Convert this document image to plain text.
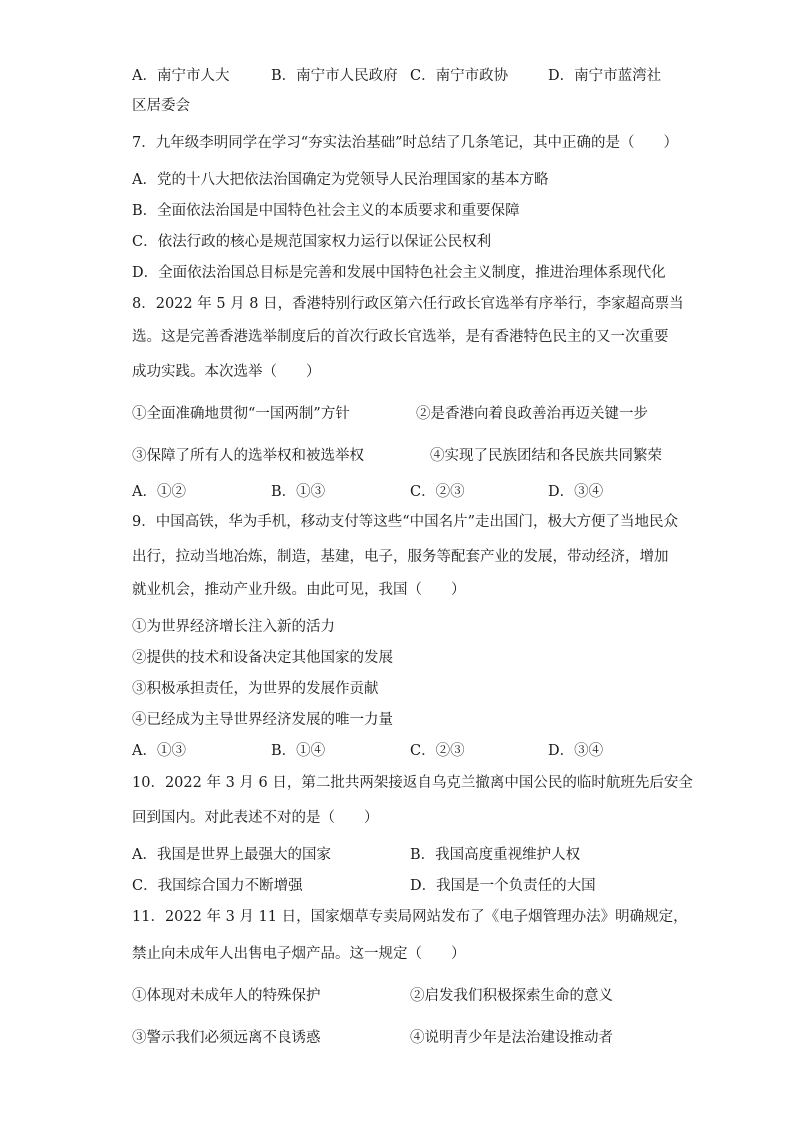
A．南宁市人大	B．南宁市人民政府 C．南宁市政协	D．南宁市蓝湾社
区居委会
7．九年级李明同学在学习“夯实法治基础”时总结了几条笔记，其中正确的是（　　）
A．党的十八大把依法治国确定为党领导人民治理国家的基本方略
B．全面依法治国是中国特色社会主义的本质要求和重要保障
C．依法行政的核心是规范国家权力运行以保证公民权利
D．全面依法治国总目标是完善和发展中国特色社会主义制度，推进治理体系现代化
8．2022 年 5 月 8 日，香港特别行政区第六任行政长官选举有序举行，李家超高票当
选。这是完善香港选举制度后的首次行政长官选举，是有香港特色民主的又一次重要
成功实践。本次选举（　　）
①全面准确地贯彻“一国两制”方针	②是香港向着良政善治再迈关键一步
③保障了所有人的选举权和被选举权	④实现了民族团结和各民族共同繁荣
A．①②	B．①③	C．②③	D．③④
9．中国高铁，华为手机，移动支付等这些“中国名片”走出国门，极大方便了当地民众
出行，拉动当地冶炼，制造，基建，电子，服务等配套产业的发展，带动经济，增加
就业机会，推动产业升级。由此可见，我国（　　）
①为世界经济增长注入新的活力
②提供的技术和设备决定其他国家的发展
③积极承担责任，为世界的发展作贡献
④已经成为主导世界经济发展的唯一力量
A．①③	B．①④	C．②③	D．③④
10．2022 年 3 月 6 日，第二批共两架接返自乌克兰撤离中国公民的临时航班先后安全
回到国内。对此表述不对的是（　　）
A．我国是世界上最强大的国家	B．我国高度重视维护人权
C．我国综合国力不断增强	D．我国是一个负责任的大国
11．2022 年 3 月 11 日，国家烟草专卖局网站发布了《电子烟管理办法》明确规定，
禁止向未成年人出售电子烟产品。这一规定（　　）
①体现对未成年人的特殊保护	②启发我们积极探索生命的意义
③警示我们必须远离不良诱惑	④说明青少年是法治建设推动者
